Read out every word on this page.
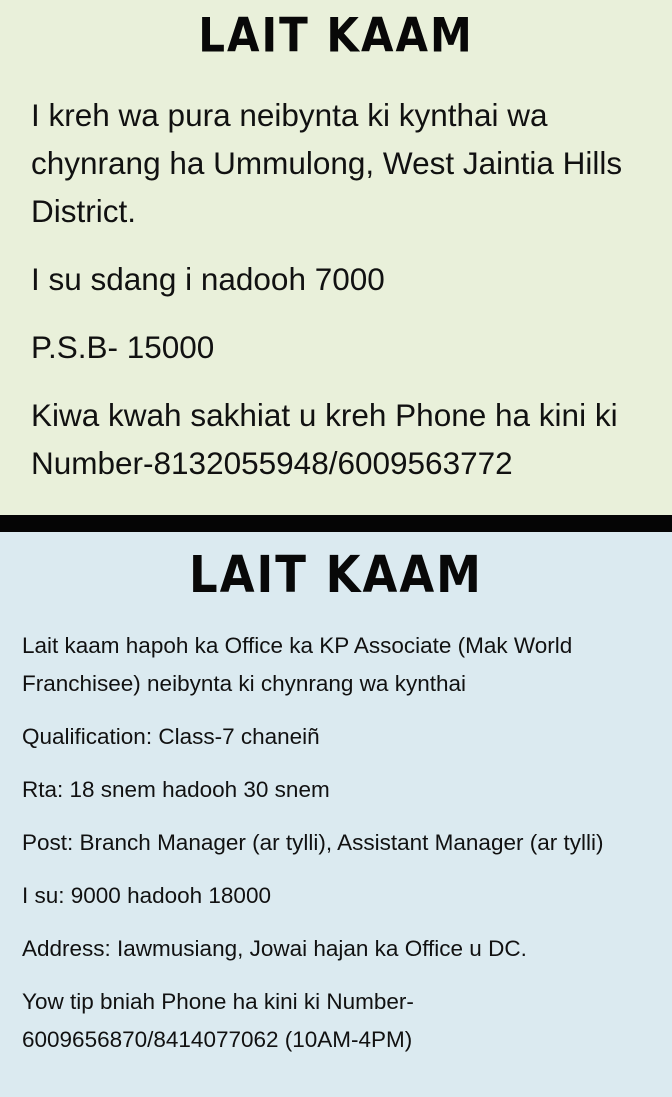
LAIT KAAM

I kreh wa pura neibynta ki kynthai wa chynrang ha Ummulong, West Jaintia Hills District.

I su sdang i nadooh 7000

P.S.B- 15000

Kiwa kwah sakhiat u kreh Phone ha kini ki Number-8132055948/6009563772

LAIT KAAM

Lait kaam hapoh ka Office ka KP Associate (Mak World Franchisee) neibynta ki chynrang wa kynthai

Qualification: Class-7 chaneiñ

Rta: 18 snem hadooh 30 snem

Post: Branch Manager (ar tylli), Assistant Manager (ar tylli)

I su: 9000 hadooh 18000

Address: Iawmusiang, Jowai hajan ka Office u DC.

Yow tip bniah Phone ha kini ki Number-6009656870/8414077062 (10AM-4PM)
